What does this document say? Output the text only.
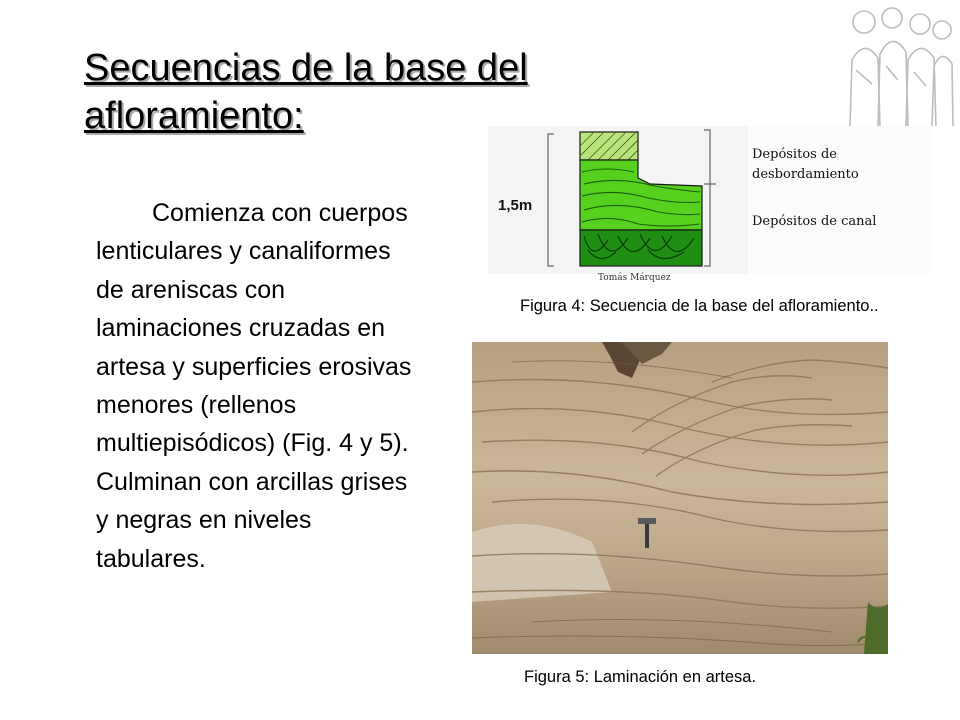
Secuencias de la base del afloramiento:

Comienza con cuerpos lenticulares y canaliformes de areniscas con laminaciones cruzadas en artesa y superficies erosivas menores (rellenos multiepisódicos) (Fig. 4 y 5). Culminan con arcillas grises y negras en niveles tabulares.

1,5m
Depósitos de desbordamiento
Depósitos de canal
Tomás Márquez

Figura 4: Secuencia de la base del afloramiento..

Figura 5: Laminación en artesa.
